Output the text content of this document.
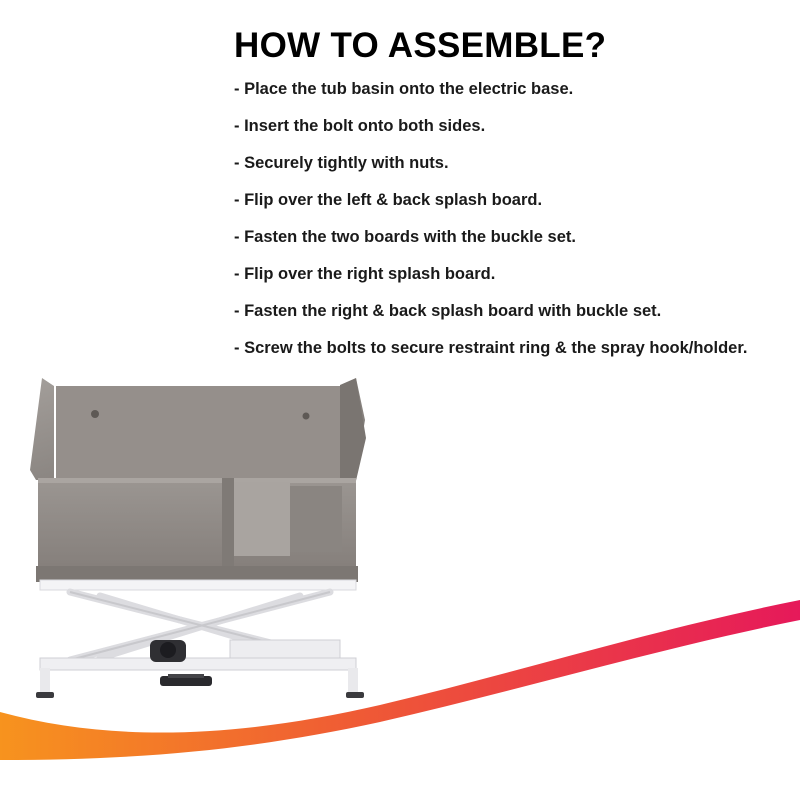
HOW TO ASSEMBLE?
- Place the tub basin onto the electric base.
- Insert the bolt onto both sides.
- Securely tightly with nuts.
- Flip over the left & back splash board.
- Fasten the two boards with the buckle set.
- Flip over the right splash board.
- Fasten the right & back splash board with buckle set.
- Screw the bolts to secure restraint ring & the spray hook/holder.
